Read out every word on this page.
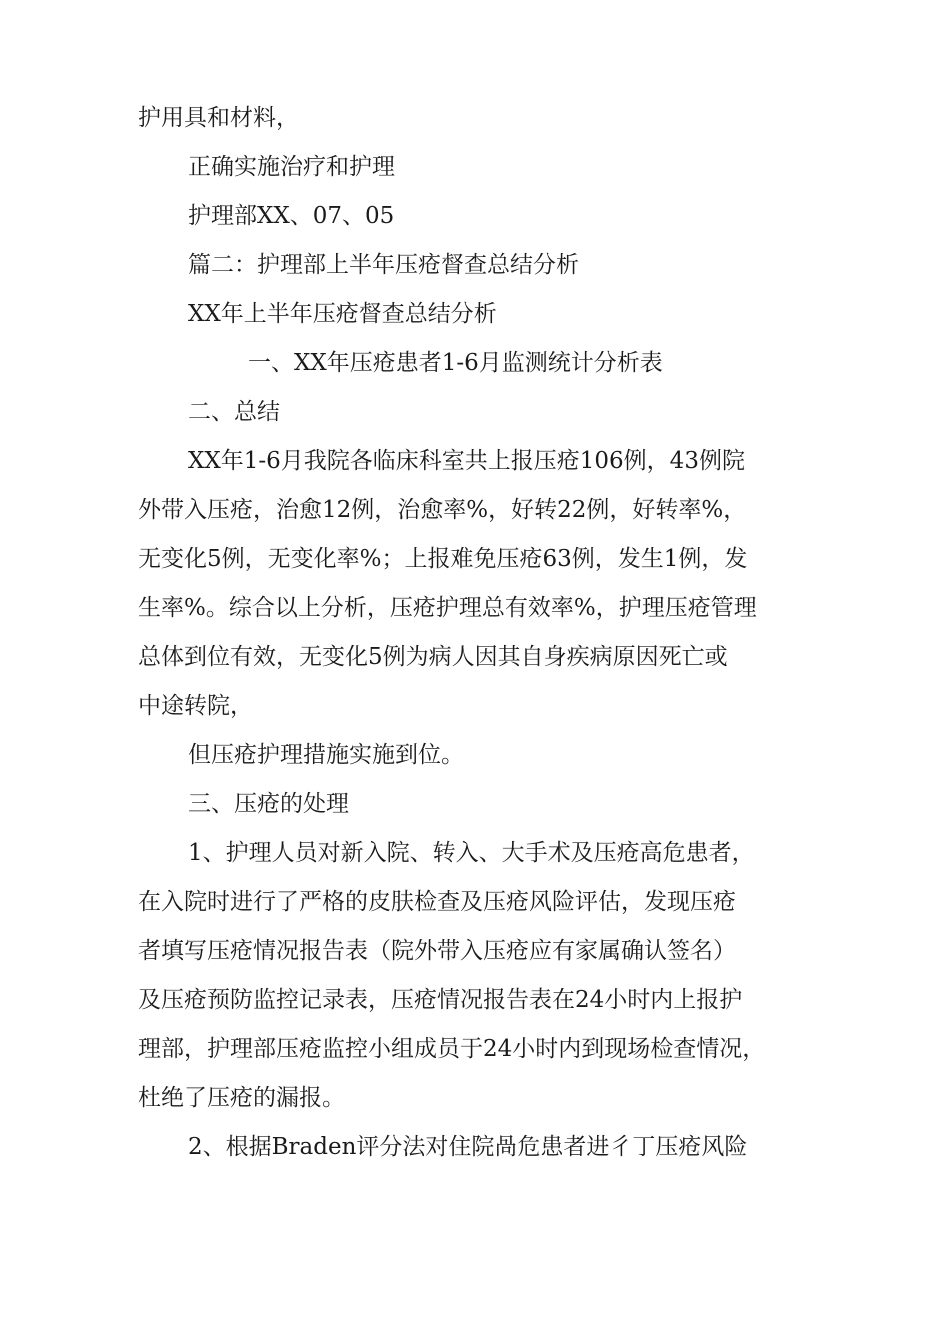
护用具和材料，

正确实施治疗和护理

护理部XX、07、05

篇二：护理部上半年压疮督查总结分析

XX年上半年压疮督查总结分析

一、XX年压疮患者1-6月监测统计分析表

二、总结

XX年1-6月我院各临床科室共上报压疮106例，43例院

外带入压疮，治愈12例，治愈率%，好转22例，好转率%，

无变化5例，无变化率%；上报难免压疮63例，发生1例，发

生率%。综合以上分析，压疮护理总有效率%，护理压疮管理

总体到位有效，无变化5例为病人因其自身疾病原因死亡或

中途转院，

但压疮护理措施实施到位。

三、压疮的处理

1、护理人员对新入院、转入、大手术及压疮高危患者，

在入院时进行了严格的皮肤检查及压疮风险评估，发现压疮

者填写压疮情况报告表（院外带入压疮应有家属确认签名）

及压疮预防监控记录表，压疮情况报告表在24小时内上报护

理部，护理部压疮监控小组成员于24小时内到现场检查情况，

杜绝了压疮的漏报。

2、根据Braden评分法对住院咼危患者进彳丁压疮风险
